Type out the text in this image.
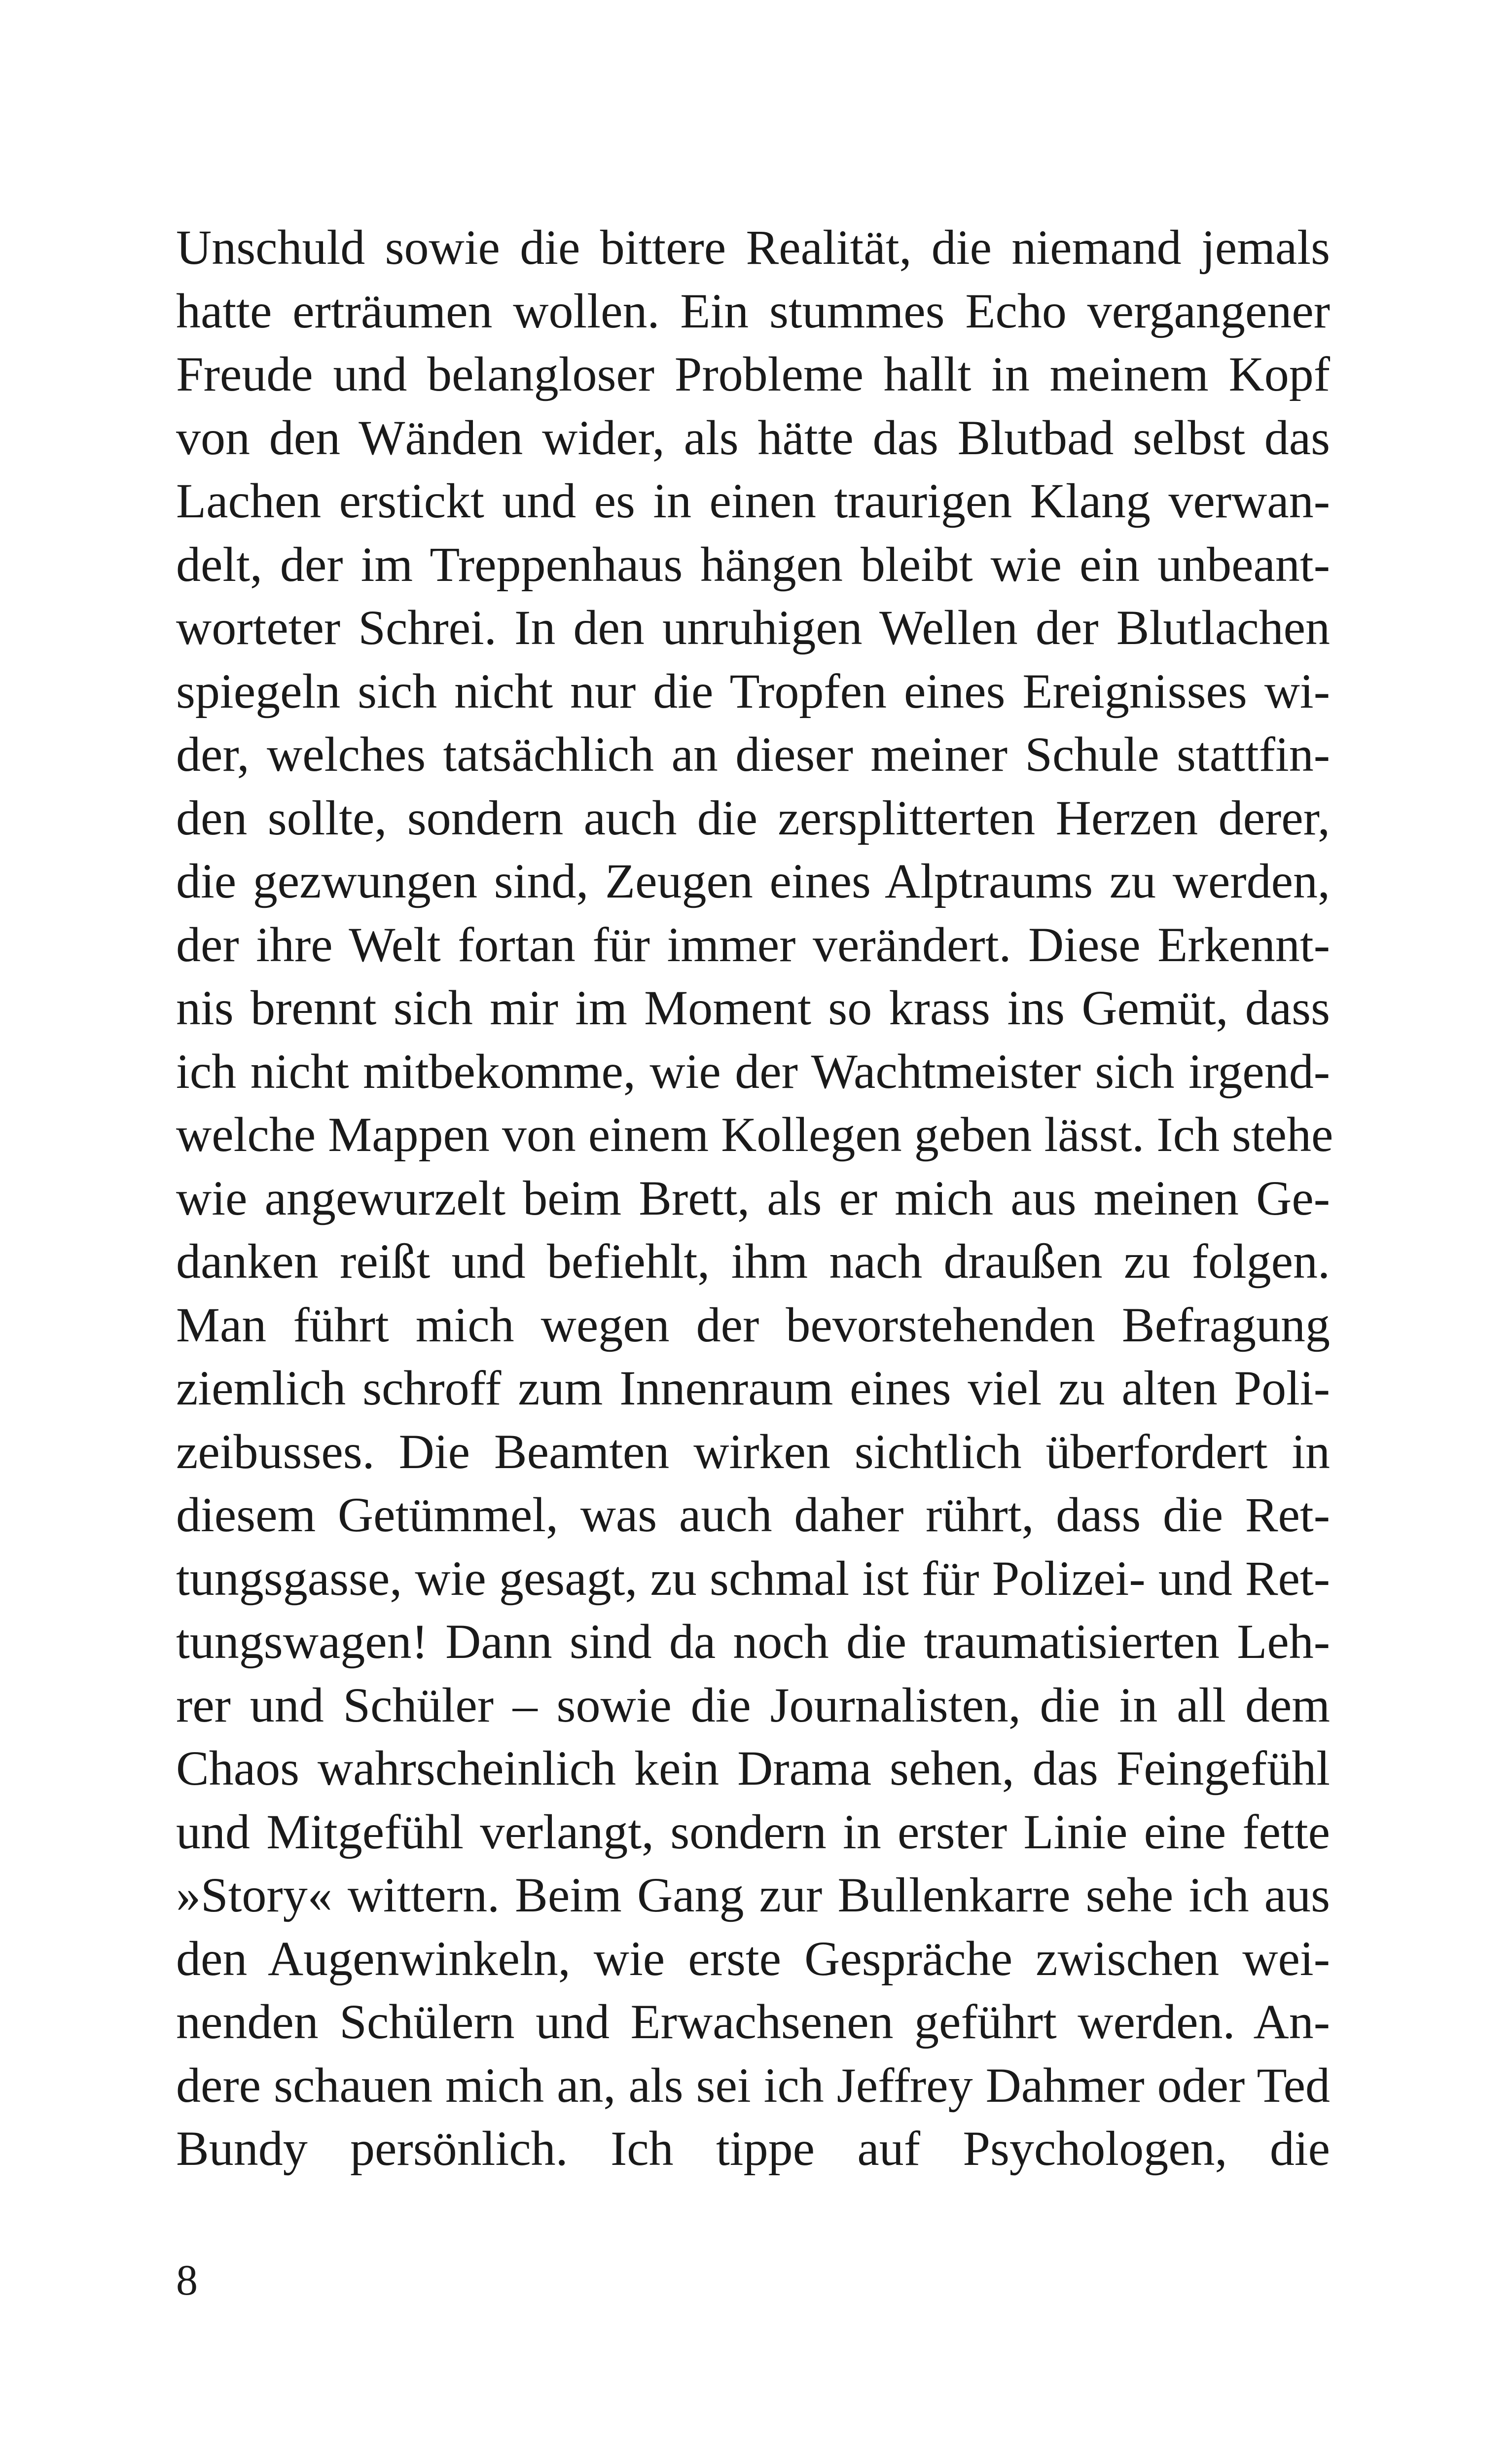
Unschuld sowie die bittere Realität, die niemand jemals
hatte erträumen wollen. Ein stummes Echo vergangener
Freude und belangloser Probleme hallt in meinem Kopf
von den Wänden wider, als hätte das Blutbad selbst das
Lachen erstickt und es in einen traurigen Klang verwan-
delt, der im Treppenhaus hängen bleibt wie ein unbeant-
worteter Schrei. In den unruhigen Wellen der Blutlachen
spiegeln sich nicht nur die Tropfen eines Ereignisses wi-
der, welches tatsächlich an dieser meiner Schule stattfin-
den sollte, sondern auch die zersplitterten Herzen derer,
die gezwungen sind, Zeugen eines Alptraums zu werden,
der ihre Welt fortan für immer verändert. Diese Erkennt-
nis brennt sich mir im Moment so krass ins Gemüt, dass
ich nicht mitbekomme, wie der Wachtmeister sich irgend-
welche Mappen von einem Kollegen geben lässt. Ich stehe
wie angewurzelt beim Brett, als er mich aus meinen Ge-
danken reißt und befiehlt, ihm nach draußen zu folgen.
Man führt mich wegen der bevorstehenden Befragung
ziemlich schroff zum Innenraum eines viel zu alten Poli-
zeibusses. Die Beamten wirken sichtlich überfordert in
diesem Getümmel, was auch daher rührt, dass die Ret-
tungsgasse, wie gesagt, zu schmal ist für Polizei- und Ret-
tungswagen! Dann sind da noch die traumatisierten Leh-
rer und Schüler – sowie die Journalisten, die in all dem
Chaos wahrscheinlich kein Drama sehen, das Feingefühl
und Mitgefühl verlangt, sondern in erster Linie eine fette
»Story« wittern. Beim Gang zur Bullenkarre sehe ich aus
den Augenwinkeln, wie erste Gespräche zwischen wei-
nenden Schülern und Erwachsenen geführt werden. An-
dere schauen mich an, als sei ich Jeffrey Dahmer oder Ted
Bundy persönlich. Ich tippe auf Psychologen, die
8
